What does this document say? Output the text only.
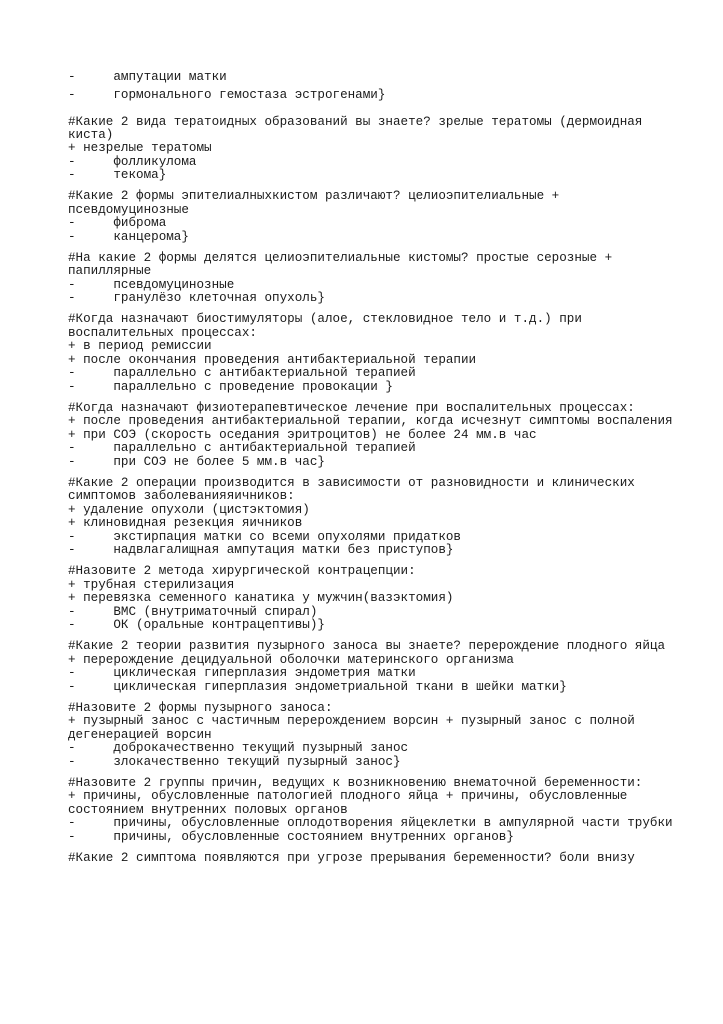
-     ампутации матки
-     гормонального гемостаза эстрогенами}
#Какие 2 вида тератоидных образований вы знаете? зрелые тератомы (дермоидная
киста)
+ незрелые тератомы
-     фолликулома
-     текома}
#Какие 2 формы эпителиалныхкистом различают? целиоэпителиальные +
псевдомуцинозные
-     фиброма
-     канцерома}
#На какие 2 формы делятся целиоэпителиальные кистомы? простые серозные +
папиллярные
-     псевдомуцинозные
-     гранулёзо клеточная опухоль}
#Когда назначают биостимуляторы (алое, стекловидное тело и т.д.) при
воспалительных процессах:
+ в период ремиссии
+ после окончания проведения антибактериальной терапии
-     параллельно с антибактериальной терапией
-     параллельно с проведение провокации }
#Когда назначают физиотерапевтическое лечение при воспалительных процессах:
+ после проведения антибактериальной терапии, когда исчезнут симптомы воспаления
+ при СОЭ (скорость оседания эритроцитов) не более 24 мм.в час
-     параллельно с антибактериальной терапией
-     при СОЭ не более 5 мм.в час}
#Какие 2 операции производится в зависимости от разновидности и клинических
симптомов заболеванияяичников:
+ удаление опухоли (цистэктомия)
+ клиновидная резекция яичников
-     экстирпация матки со всеми опухолями придатков
-     надвлагалищная ампутация матки без приступов}
#Назовите 2 метода хирургической контрацепции:
+ трубная стерилизация
+ перевязка семенного канатика у мужчин(вазэктомия)
-     ВМС (внутриматочный спирал)
-     ОК (оральные контрацептивы)}
#Какие 2 теории развития пузырного заноса вы знаете? перерождение плодного яйца
+ перерождение децидуальной оболочки материнского организма
-     циклическая гиперплазия эндометрия матки
-     циклическая гиперплазия эндометриальной ткани в шейки матки}
#Назовите 2 формы пузырного заноса:
+ пузырный занос с частичным перерождением ворсин + пузырный занос с полной
дегенерацией ворсин
-     доброкачественно текущий пузырный занос
-     злокачественно текущий пузырный занос}
#Назовите 2 группы причин, ведущих к возникновению внематочной беременности:
+ причины, обусловленные патологией плодного яйца + причины, обусловленные
состоянием внутренних половых органов
-     причины, обусловленные оплодотворения яйцеклетки в ампулярной части трубки
-     причины, обусловленные состоянием внутренних органов}
#Какие 2 симптома появляются при угрозе прерывания беременности? боли внизу
